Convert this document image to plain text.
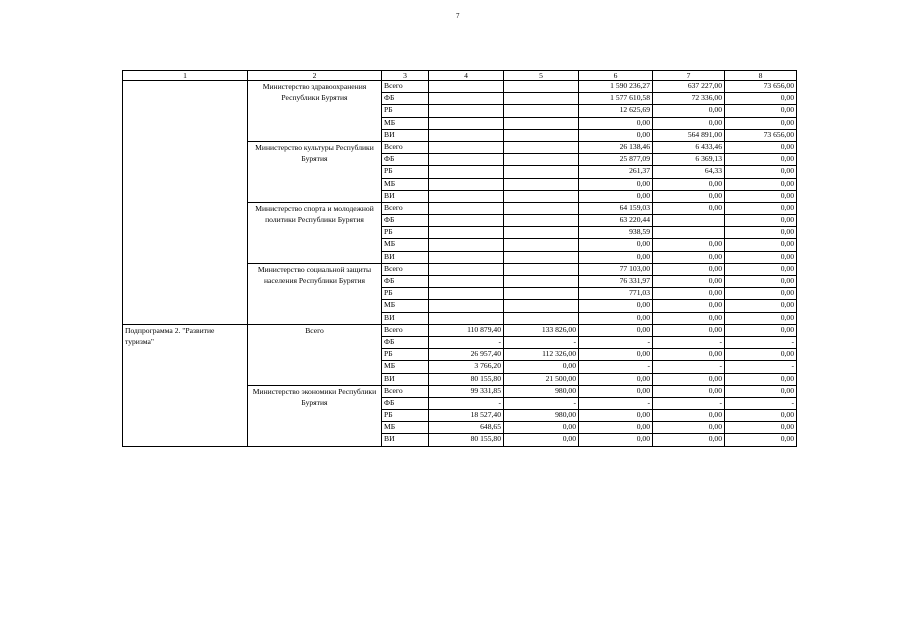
7
1	2	3	4	5	6	7	8
	Министерство здравоохранения Республики Бурятия	Всего			1 590 236,27	637 227,00	73 656,00
		ФБ			1 577 610,58	72 336,00	0,00
		РБ			12 625,69	0,00	0,00
		МБ			0,00	0,00	0,00
		ВИ			0,00	564 891,00	73 656,00
	Министерство культуры Республики Бурятия	Всего			26 138,46	6 433,46	0,00
		ФБ			25 877,09	6 369,13	0,00
		РБ			261,37	64,33	0,00
		МБ			0,00	0,00	0,00
		ВИ			0,00	0,00	0,00
	Министерство спорта и молодежной политики Республики Бурятия	Всего			64 159,03	0,00	0,00
		ФБ			63 220,44		0,00
		РБ			938,59		0,00
		МБ			0,00	0,00	0,00
		ВИ			0,00	0,00	0,00
	Министерство социальной защиты населения Республики Бурятия	Всего			77 103,00	0,00	0,00
		ФБ			76 331,97	0,00	0,00
		РБ			771,03	0,00	0,00
		МБ			0,00	0,00	0,00
		ВИ			0,00	0,00	0,00
Подпрограмма 2. "Развитие туризма"	Всего	Всего	110 879,40	133 826,00	0,00	0,00	0,00
		ФБ	-	-	-	-	-
		РБ	26 957,40	112 326,00	0,00	0,00	0,00
		МБ	3 766,20	0,00	-	-	-
		ВИ	80 155,80	21 500,00	0,00	0,00	0,00
	Министерство экономики Республики Бурятия	Всего	99 331,85	980,00	0,00	0,00	0,00
		ФБ	-	-	-	-	-
		РБ	18 527,40	980,00	0,00	0,00	0,00
		МБ	648,65	0,00	0,00	0,00	0,00
		ВИ	80 155,80	0,00	0,00	0,00	0,00
